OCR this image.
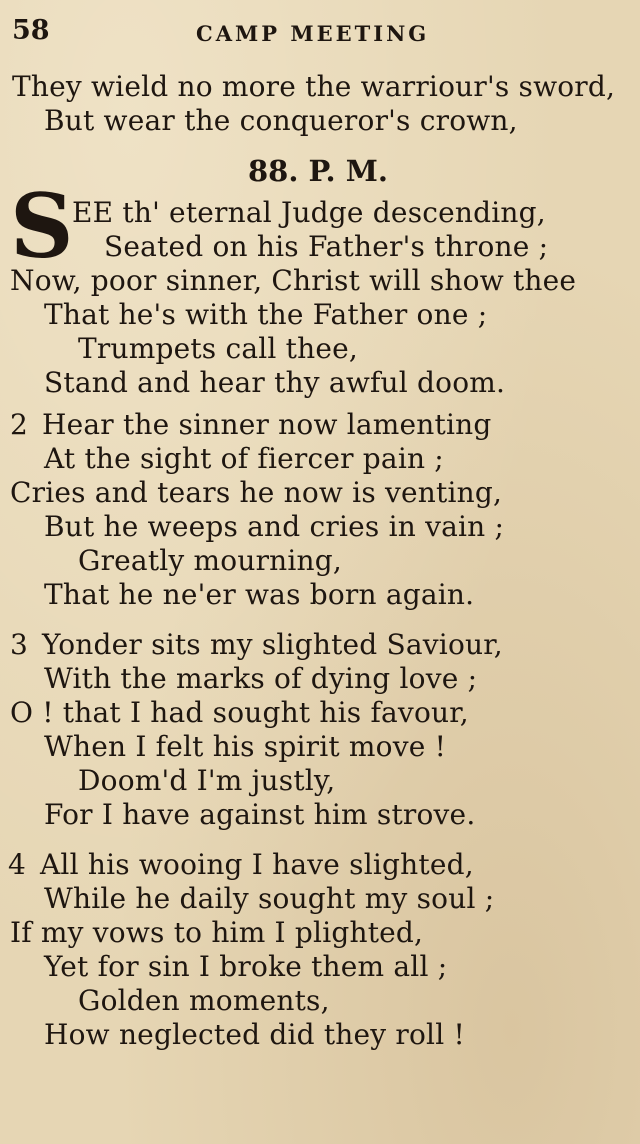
58	CAMP MEETING
They wield no more the warriour's sword,
But wear the conqueror's crown,
88. P. M.
S
EE th' eternal Judge descending,
Seated on his Father's throne ;
Now, poor sinner, Christ will show thee
That he's with the Father one ;
Trumpets call thee,
Stand and hear thy awful doom.
2 Hear the sinner now lamenting
At the sight of fiercer pain ;
Cries and tears he now is venting,
But he weeps and cries in vain ;
Greatly mourning,
That he ne'er was born again.
3 Yonder sits my slighted Saviour,
With the marks of dying love ;
O ! that I had sought his favour,
When I felt his spirit move !
Doom'd I'm justly,
For I have against him strove.
4 All his wooing I have slighted,
While he daily sought my soul ;
If my vows to him I plighted,
Yet for sin I broke them all ;
Golden moments,
How neglected did they roll !
